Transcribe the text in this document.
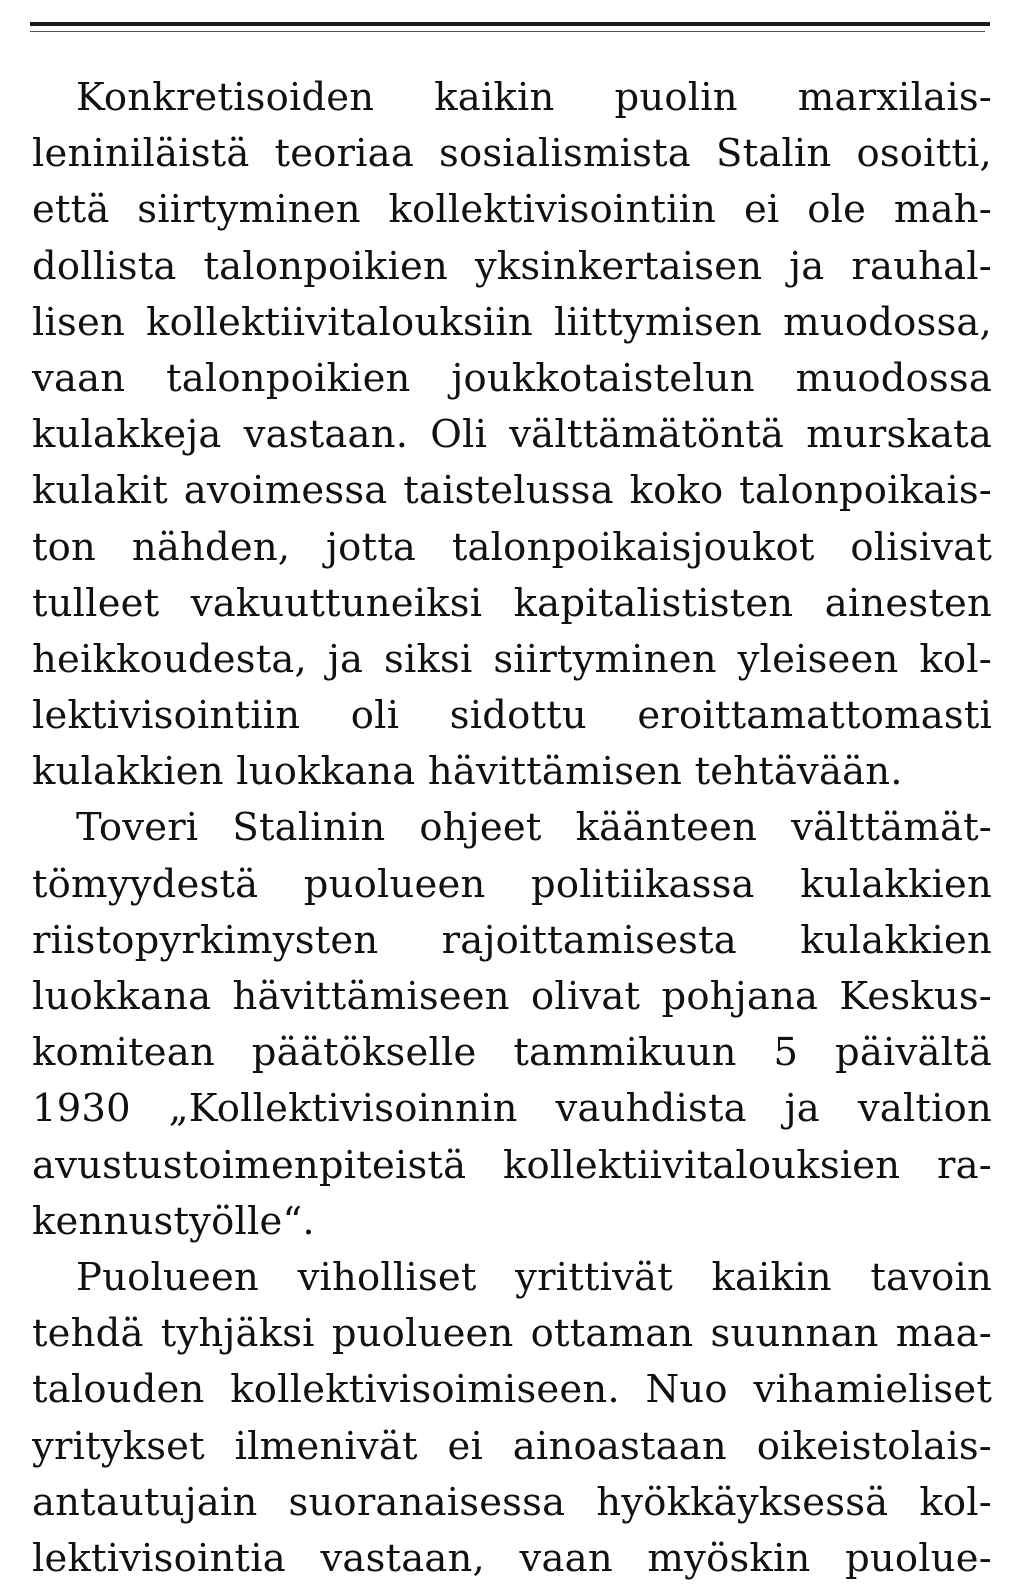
Konkretisoiden kaikin puolin marxilais-
leniniläistä teoriaa sosialismista Stalin osoitti,
että siirtyminen kollektivisointiin ei ole mah-
dollista talonpoikien yksinkertaisen ja rauhal-
lisen kollektiivitalouksiin liittymisen muodossa,
vaan talonpoikien joukkotaistelun muodossa
kulakkeja vastaan. Oli välttämätöntä murskata
kulakit avoimessa taistelussa koko talonpoikais-
ton nähden, jotta talonpoikaisjoukot olisivat
tulleet vakuuttuneiksi kapitalististen ainesten
heikkoudesta, ja siksi siirtyminen yleiseen kol-
lektivisointiin oli sidottu eroittamattomasti
kulakkien luokkana hävittämisen tehtävään.
Toveri Stalinin ohjeet käänteen välttämät-
tömyydestä puolueen politiikassa kulakkien
riistopyrkimysten rajoittamisesta kulakkien
luokkana hävittämiseen olivat pohjana Keskus-
komitean päätökselle tammikuun 5 päivältä
1930 „Kollektivisoinnin vauhdista ja valtion
avustustoimenpiteistä kollektiivitalouksien ra-
kennustyölle“.
Puolueen viholliset yrittivät kaikin tavoin
tehdä tyhjäksi puolueen ottaman suunnan maa-
talouden kollektivisoimiseen. Nuo vihamieliset
yritykset ilmenivät ei ainoastaan oikeistolais-
antautujain suoranaisessa hyökkäyksessä kol-
lektivisointia vastaan, vaan myöskin puolue-
